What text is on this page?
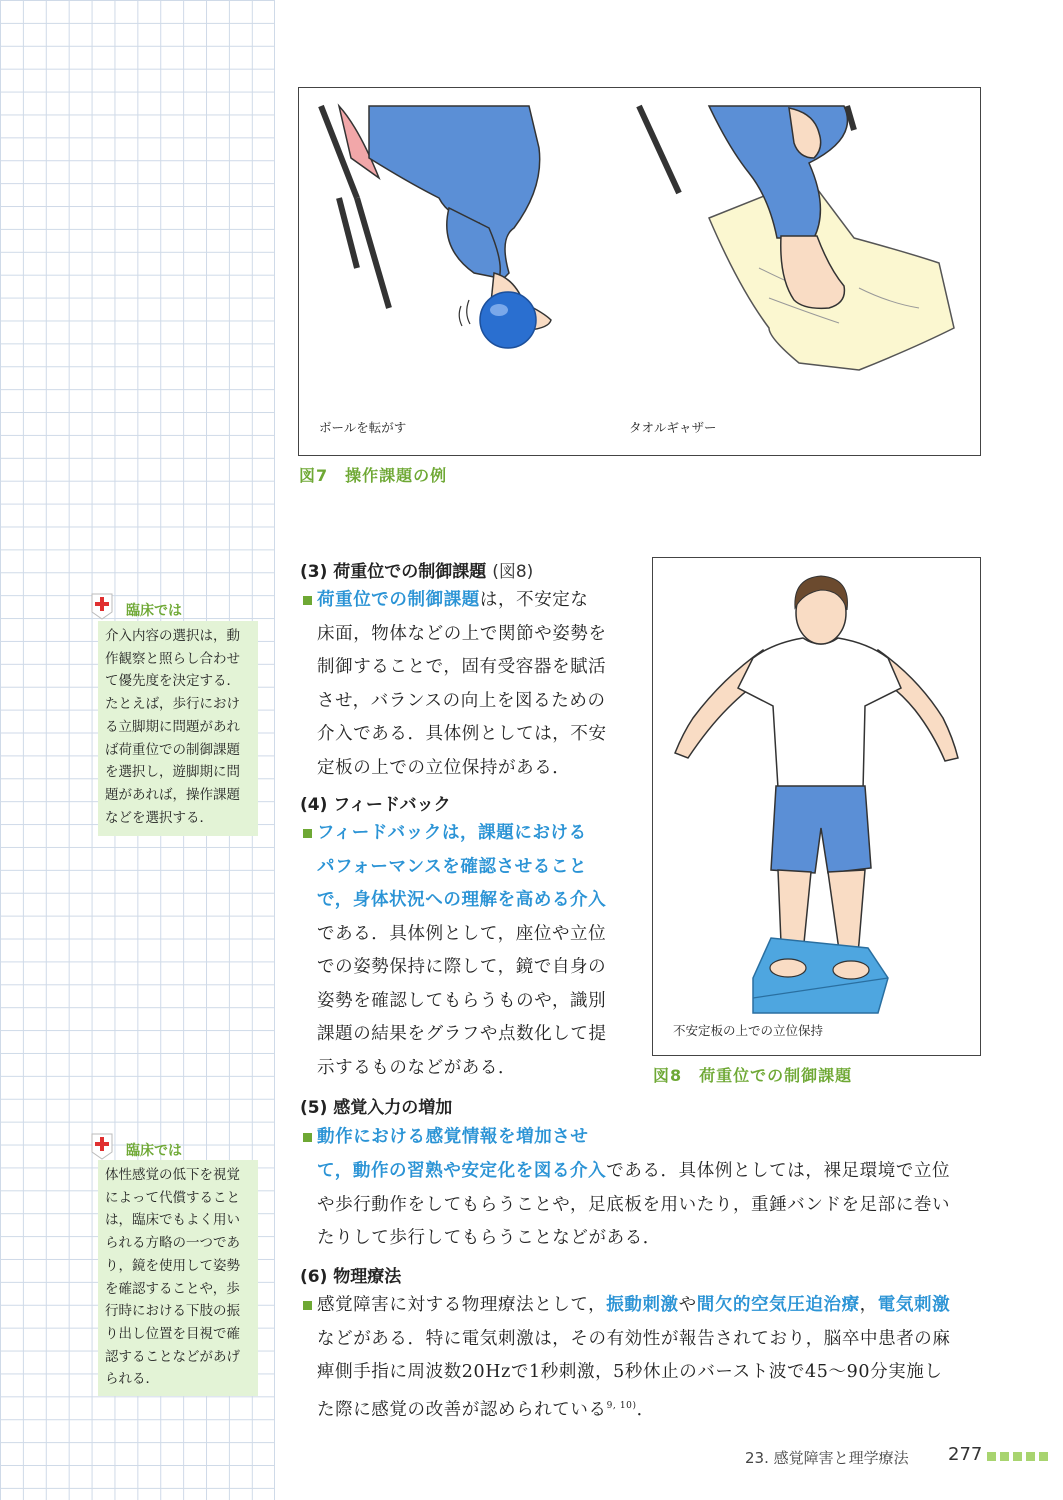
ボールを転がす	タオルギャザー
図7　操作課題の例
不安定板の上での立位保持
図8　荷重位での制御課題
(3) 荷重位での制御課題 (図8)
荷重位での制御課題は，不安定な
床面，物体などの上で関節や姿勢を
制御することで，固有受容器を賦活
させ，バランスの向上を図るための
介入である．具体例としては，不安
定板の上での立位保持がある．
(4) フィードバック
フィードバックは，課題における
パフォーマンスを確認させること
で，身体状況への理解を高める介入
である．具体例として，座位や立位
での姿勢保持に際して，鏡で自身の
姿勢を確認してもらうものや，識別
課題の結果をグラフや点数化して提
示するものなどがある．
(5) 感覚入力の増加
動作における感覚情報を増加させ
て，動作の習熟や安定化を図る介入である．具体例としては，裸足環境で立位
や歩行動作をしてもらうことや，足底板を用いたり，重錘バンドを足部に巻い
たりして歩行してもらうことなどがある．
(6) 物理療法
感覚障害に対する物理療法として，振動刺激や間欠的空気圧迫治療，電気刺激
などがある．特に電気刺激は，その有効性が報告されており，脳卒中患者の麻
痺側手指に周波数20Hzで1秒刺激，5秒休止のバースト波で45～90分実施し
た際に感覚の改善が認められている$^{9, 10)}$．
臨床では
介入内容の選択は，動
作観察と照らし合わせ
て優先度を決定する．
たとえば，歩行におけ
る立脚期に問題があれ
ば荷重位での制御課題
を選択し，遊脚期に問
題があれば，操作課題
などを選択する．
臨床では
体性感覚の低下を視覚
によって代償すること
は，臨床でもよく用い
られる方略の一つであ
り，鏡を使用して姿勢
を確認することや，歩
行時における下肢の振
り出し位置を目視で確
認することなどがあげ
られる．
23. 感覚障害と理学療法 277
